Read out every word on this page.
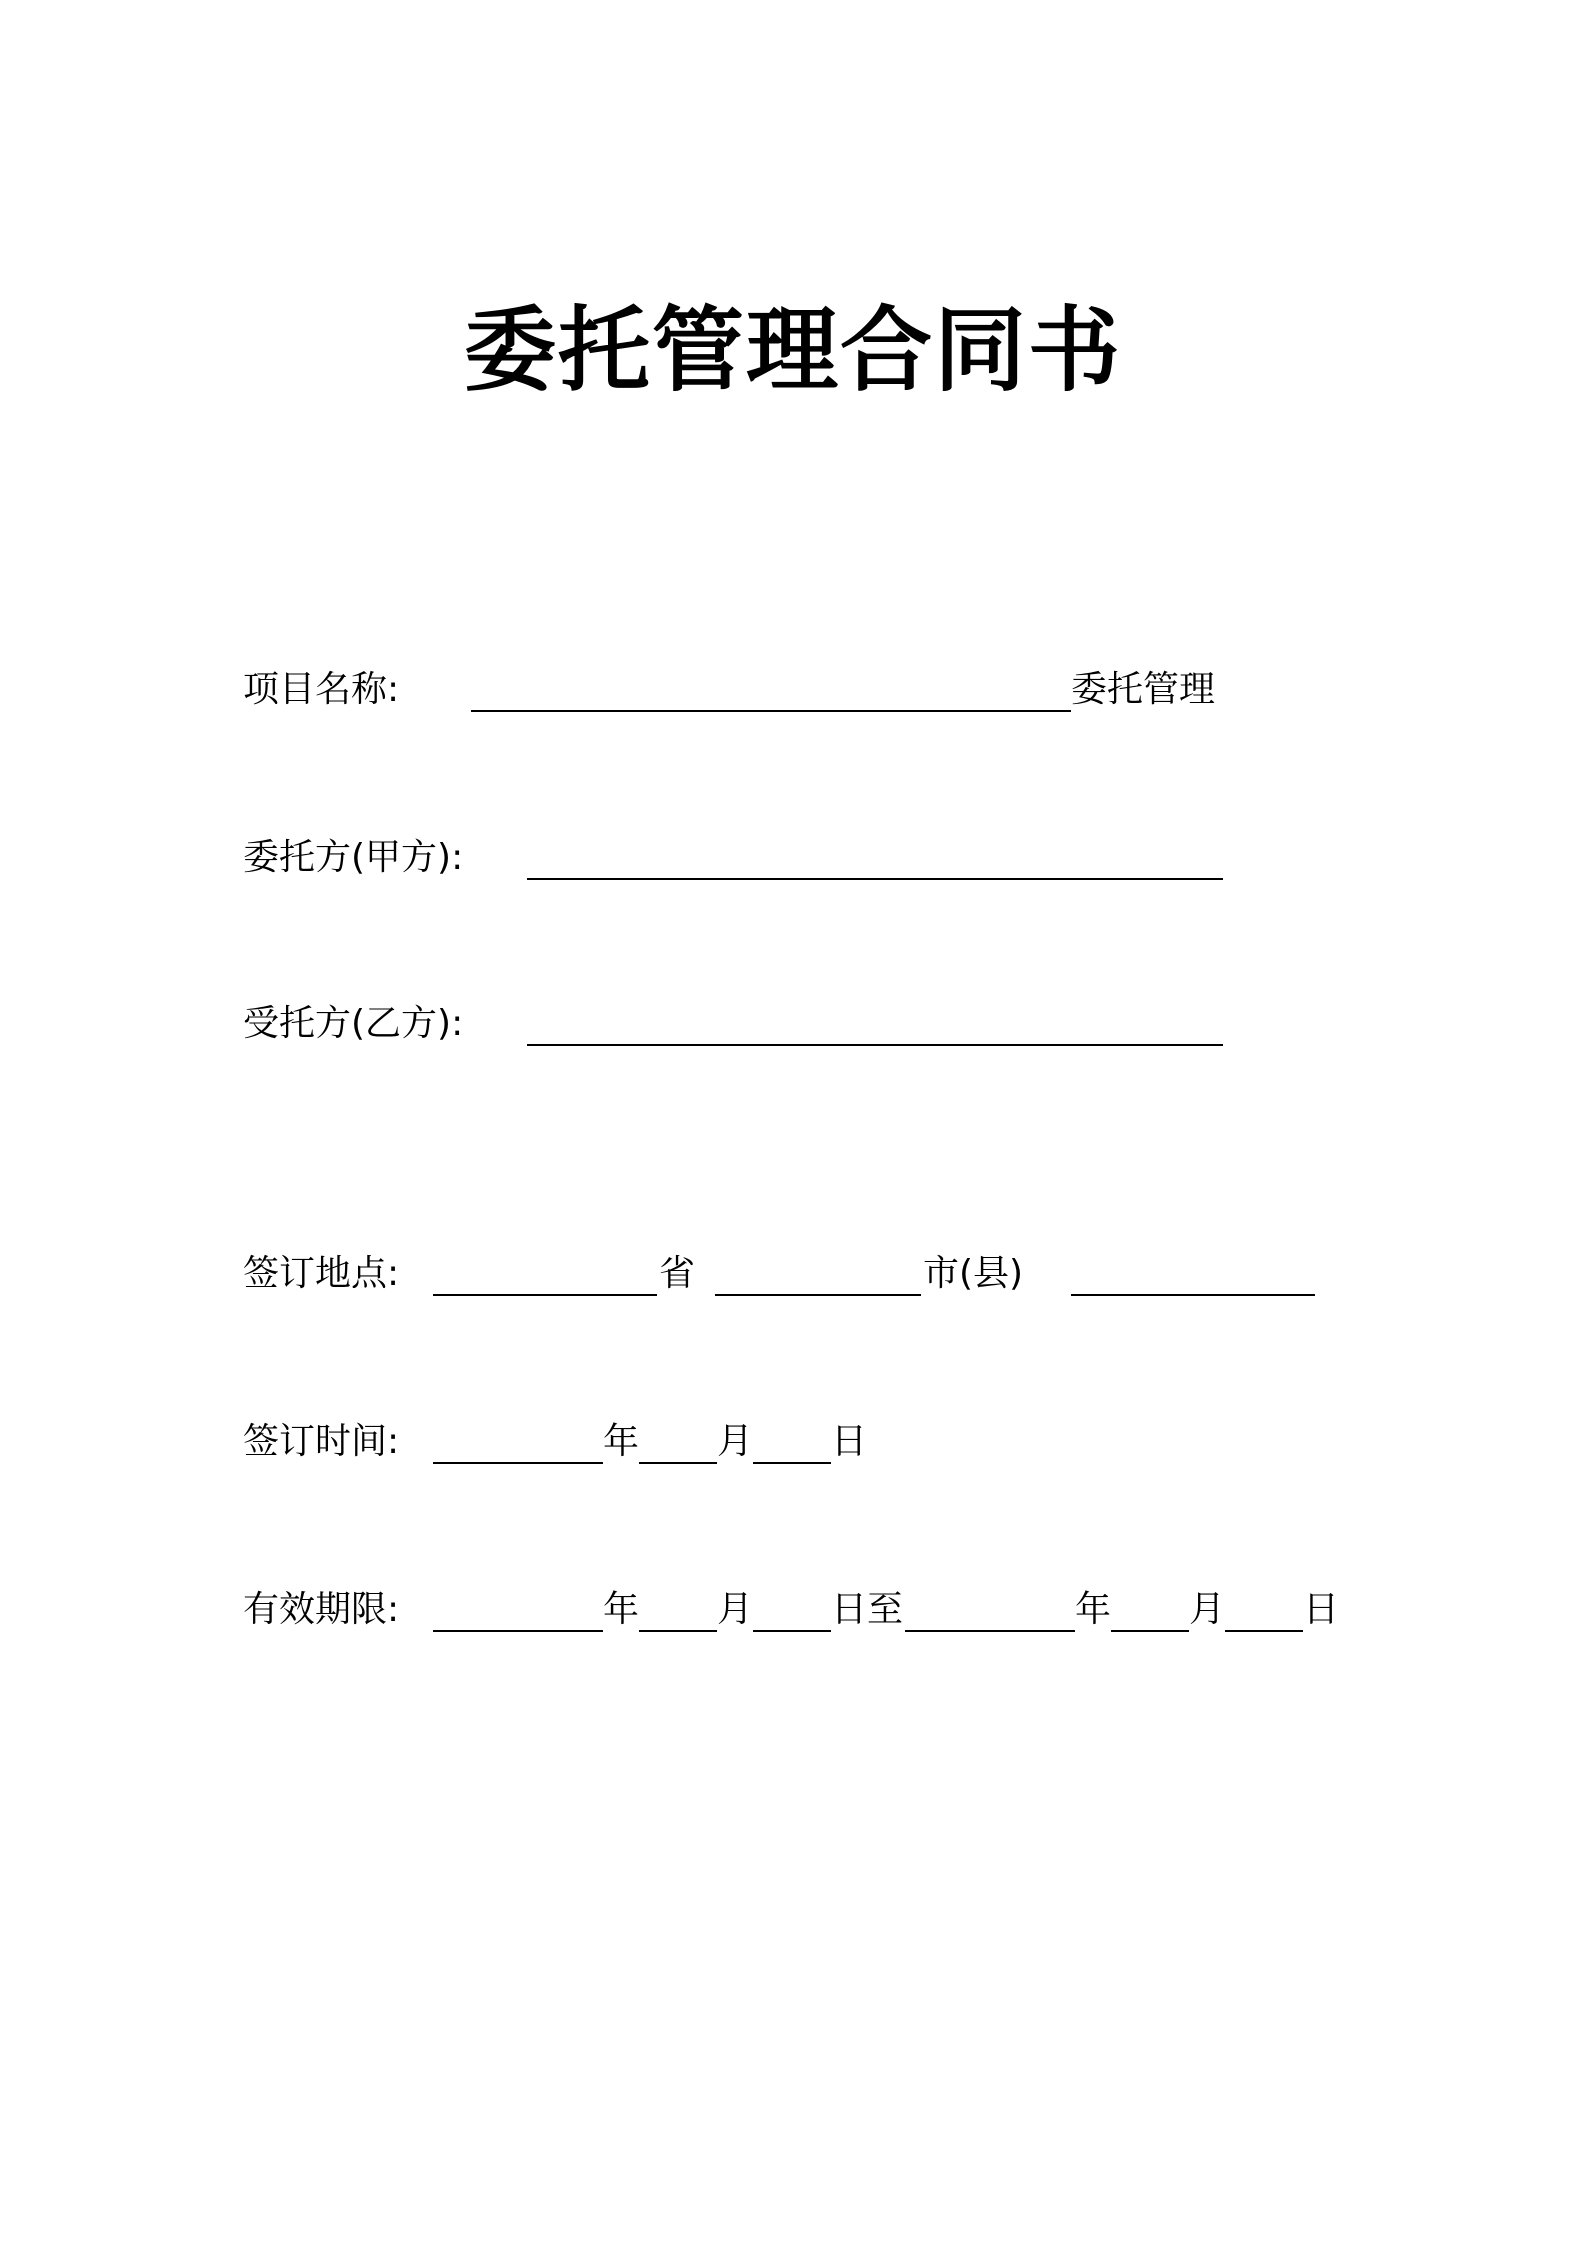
委托管理合同书
项目名称:	委托管理
委托方(甲方):
受托方(乙方):
签订地点:	省	市(县)
签订时间:	年 月 日
有效期限:	年 月 日至	年 月 日
